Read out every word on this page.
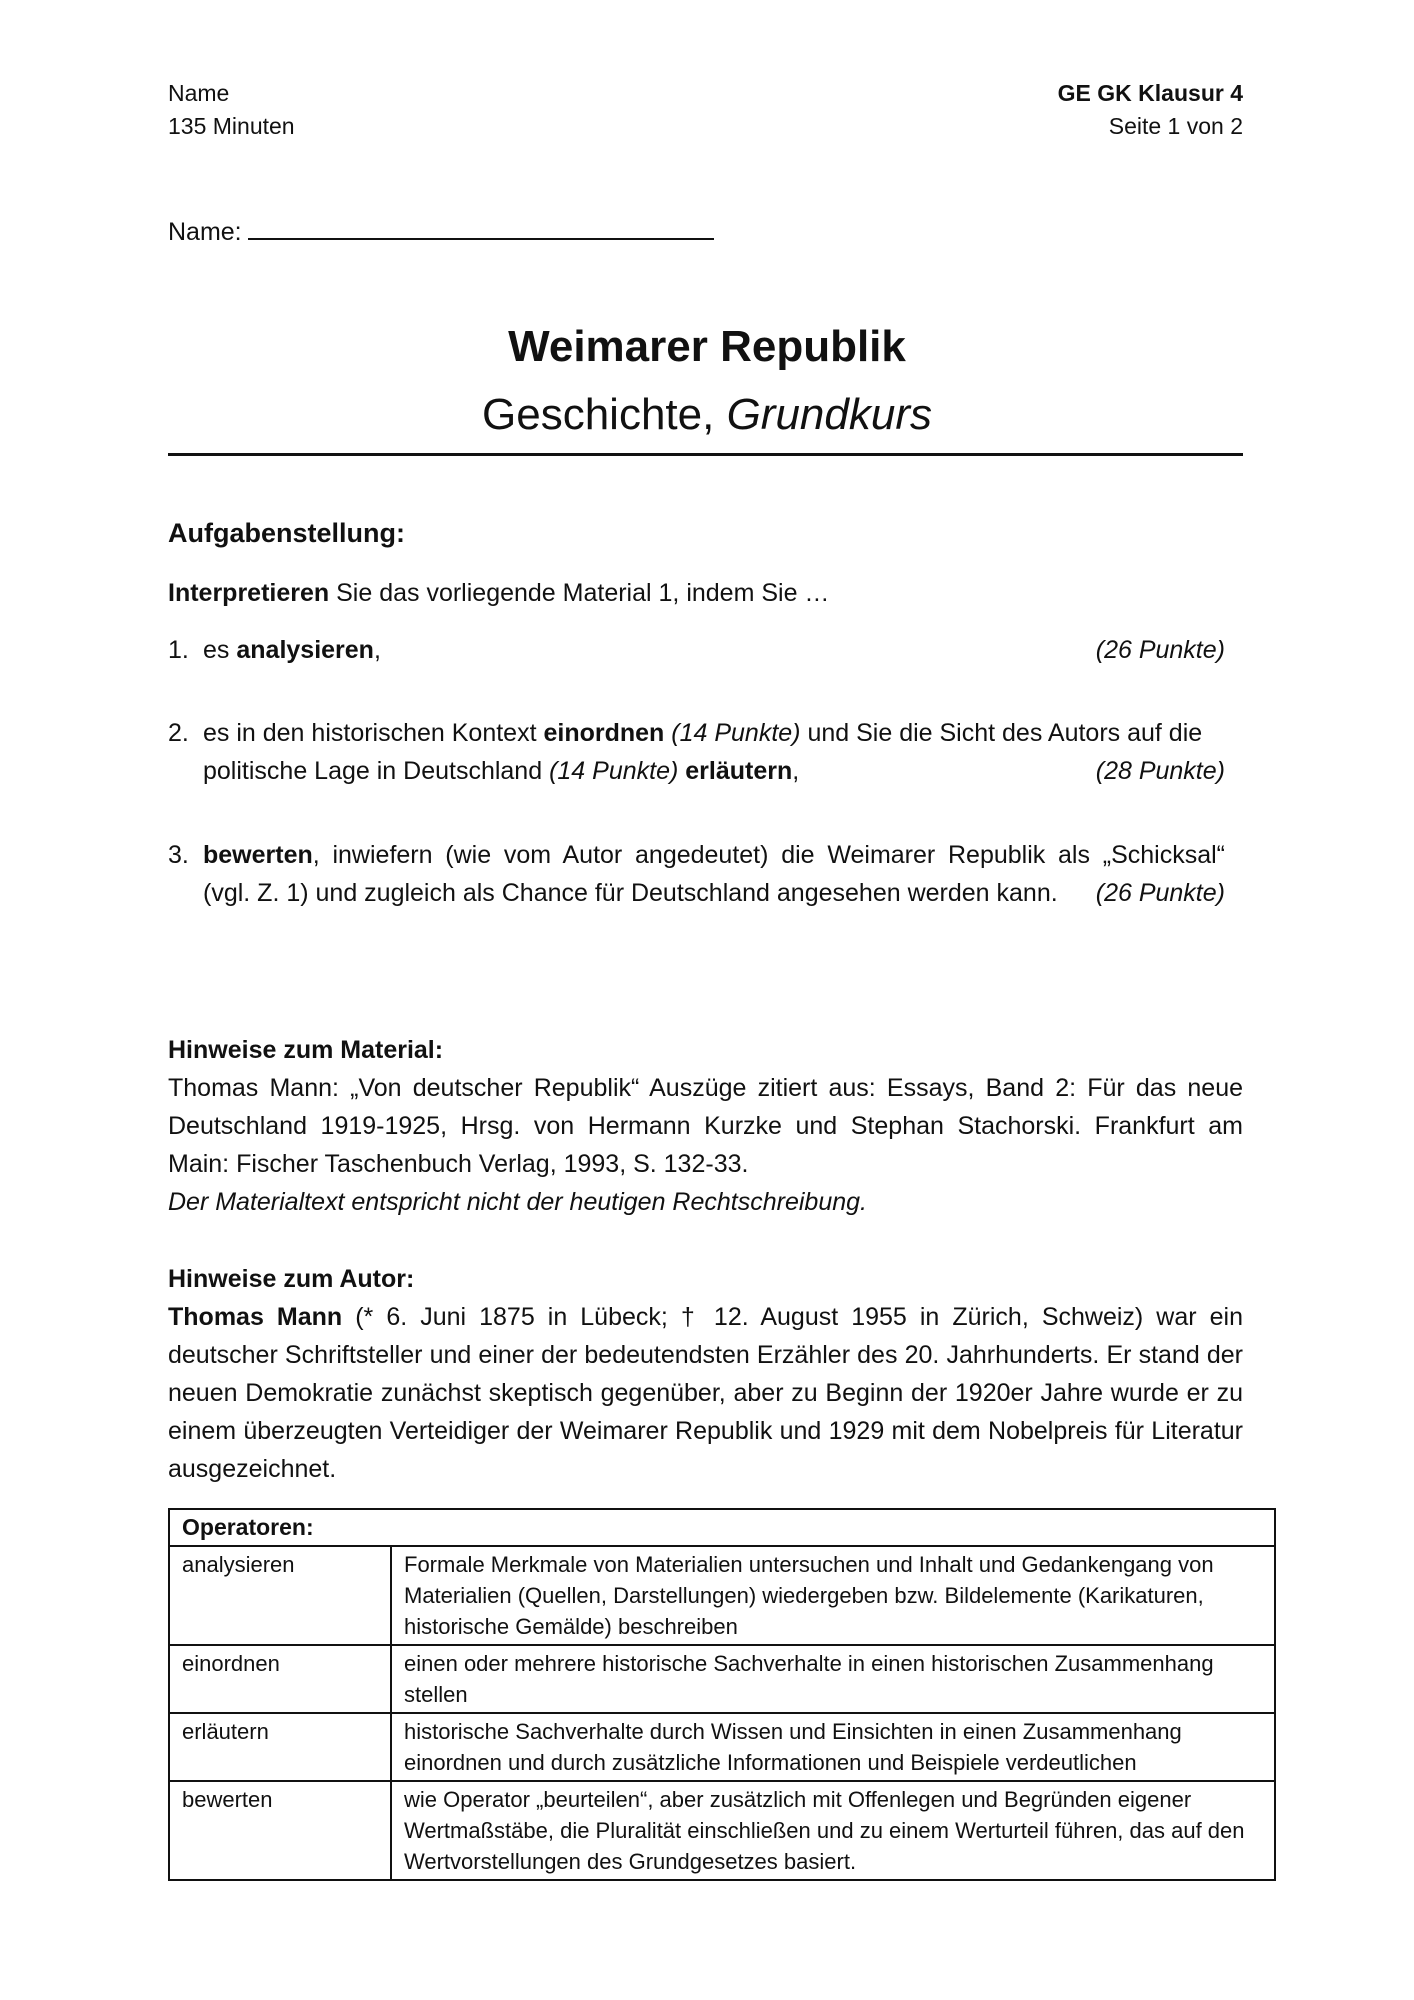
Name
135 Minuten
GE GK Klausur 4
Seite 1 von 2
Name:
Weimarer Republik
Geschichte, Grundkurs
Aufgabenstellung:
Interpretieren Sie das vorliegende Material 1, indem Sie …
1. es analysieren,	(26 Punkte)
2. es in den historischen Kontext einordnen (14 Punkte) und Sie die Sicht des Autors auf die
politische Lage in Deutschland (14 Punkte) erläutern,	(28 Punkte)
3. bewerten, inwiefern (wie vom Autor angedeutet) die Weimarer Republik als „Schicksal“
(vgl. Z. 1) und zugleich als Chance für Deutschland angesehen werden kann.	(26 Punkte)
Hinweise zum Material:
Thomas Mann: „Von deutscher Republik“ Auszüge zitiert aus: Essays, Band 2: Für das neue Deutschland 1919-1925, Hrsg. von Hermann Kurzke und Stephan Stachorski. Frankfurt am Main: Fischer Taschenbuch Verlag, 1993, S. 132-33.
Der Materialtext entspricht nicht der heutigen Rechtschreibung.
Hinweise zum Autor:
Thomas Mann (* 6. Juni 1875 in Lübeck; † 12. August 1955 in Zürich, Schweiz) war ein deutscher Schriftsteller und einer der bedeutendsten Erzähler des 20. Jahrhunderts. Er stand der neuen Demokratie zunächst skeptisch gegenüber, aber zu Beginn der 1920er Jahre wurde er zu einem überzeugten Verteidiger der Weimarer Republik und 1929 mit dem Nobelpreis für Literatur ausgezeichnet.
Operatoren:	
analysieren	Formale Merkmale von Materialien untersuchen und Inhalt und Gedankengang von Materialien (Quellen, Darstellungen) wiedergeben bzw. Bildelemente (Karikaturen, historische Gemälde) beschreiben
einordnen	einen oder mehrere historische Sachverhalte in einen historischen Zusammenhang stellen
erläutern	historische Sachverhalte durch Wissen und Einsichten in einen Zusammenhang einordnen und durch zusätzliche Informationen und Beispiele verdeutlichen
bewerten	wie Operator „beurteilen“, aber zusätzlich mit Offenlegen und Begründen eigener Wertmaßstäbe, die Pluralität einschließen und zu einem Werturteil führen, das auf den Wertvorstellungen des Grundgesetzes basiert.
